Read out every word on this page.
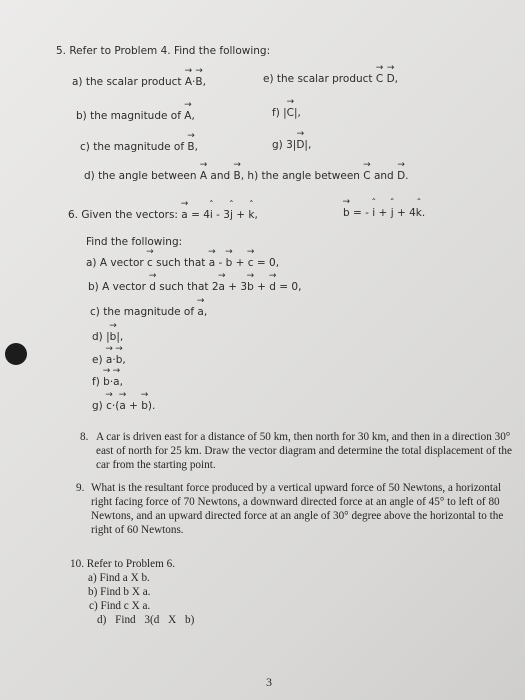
5. Refer to Problem 4. Find the following:
a) the scalar product → A·→ B,	e) the scalar product → C → D,
b) the magnitude of → A,	f) |→ C|,
c) the magnitude of → B,	g) 3|→ D|,
d) the angle between → A and → B, h) the angle between → C and → D.
6. Given the vectors: → a = 4ˆ i - 3ˆ j + ˆ k,	→ b = - ˆ i + ˆ j + 4ˆ k.
Find the following:
a) A vector → c such that → a - → b + → c = 0,
b) A vector → d such that 2→ a + 3→ b + → d = 0,
c) the magnitude of → a,
d) |→ b|,
e) → a·→ b,
f) → b·→ a,
g) → c·(→ a + → b).
8. A car is driven east for a distance of 50 km, then north for 30 km, and then in a direction 30° east of north for 25 km. Draw the vector diagram and determine the total displacement of the car from the starting point.
9. What is the resultant force produced by a vertical upward force of 50 Newtons, a horizontal right facing force of 70 Newtons, a downward directed force at an angle of 45° to left of 80 Newtons, and an upward directed force at an angle of 30° degree above the horizontal to the right of 60 Newtons.
10. Refer to Problem 6.
a) Find a X b.
b) Find b X a.
c) Find c X a.
d) Find 3(d X b)
3
